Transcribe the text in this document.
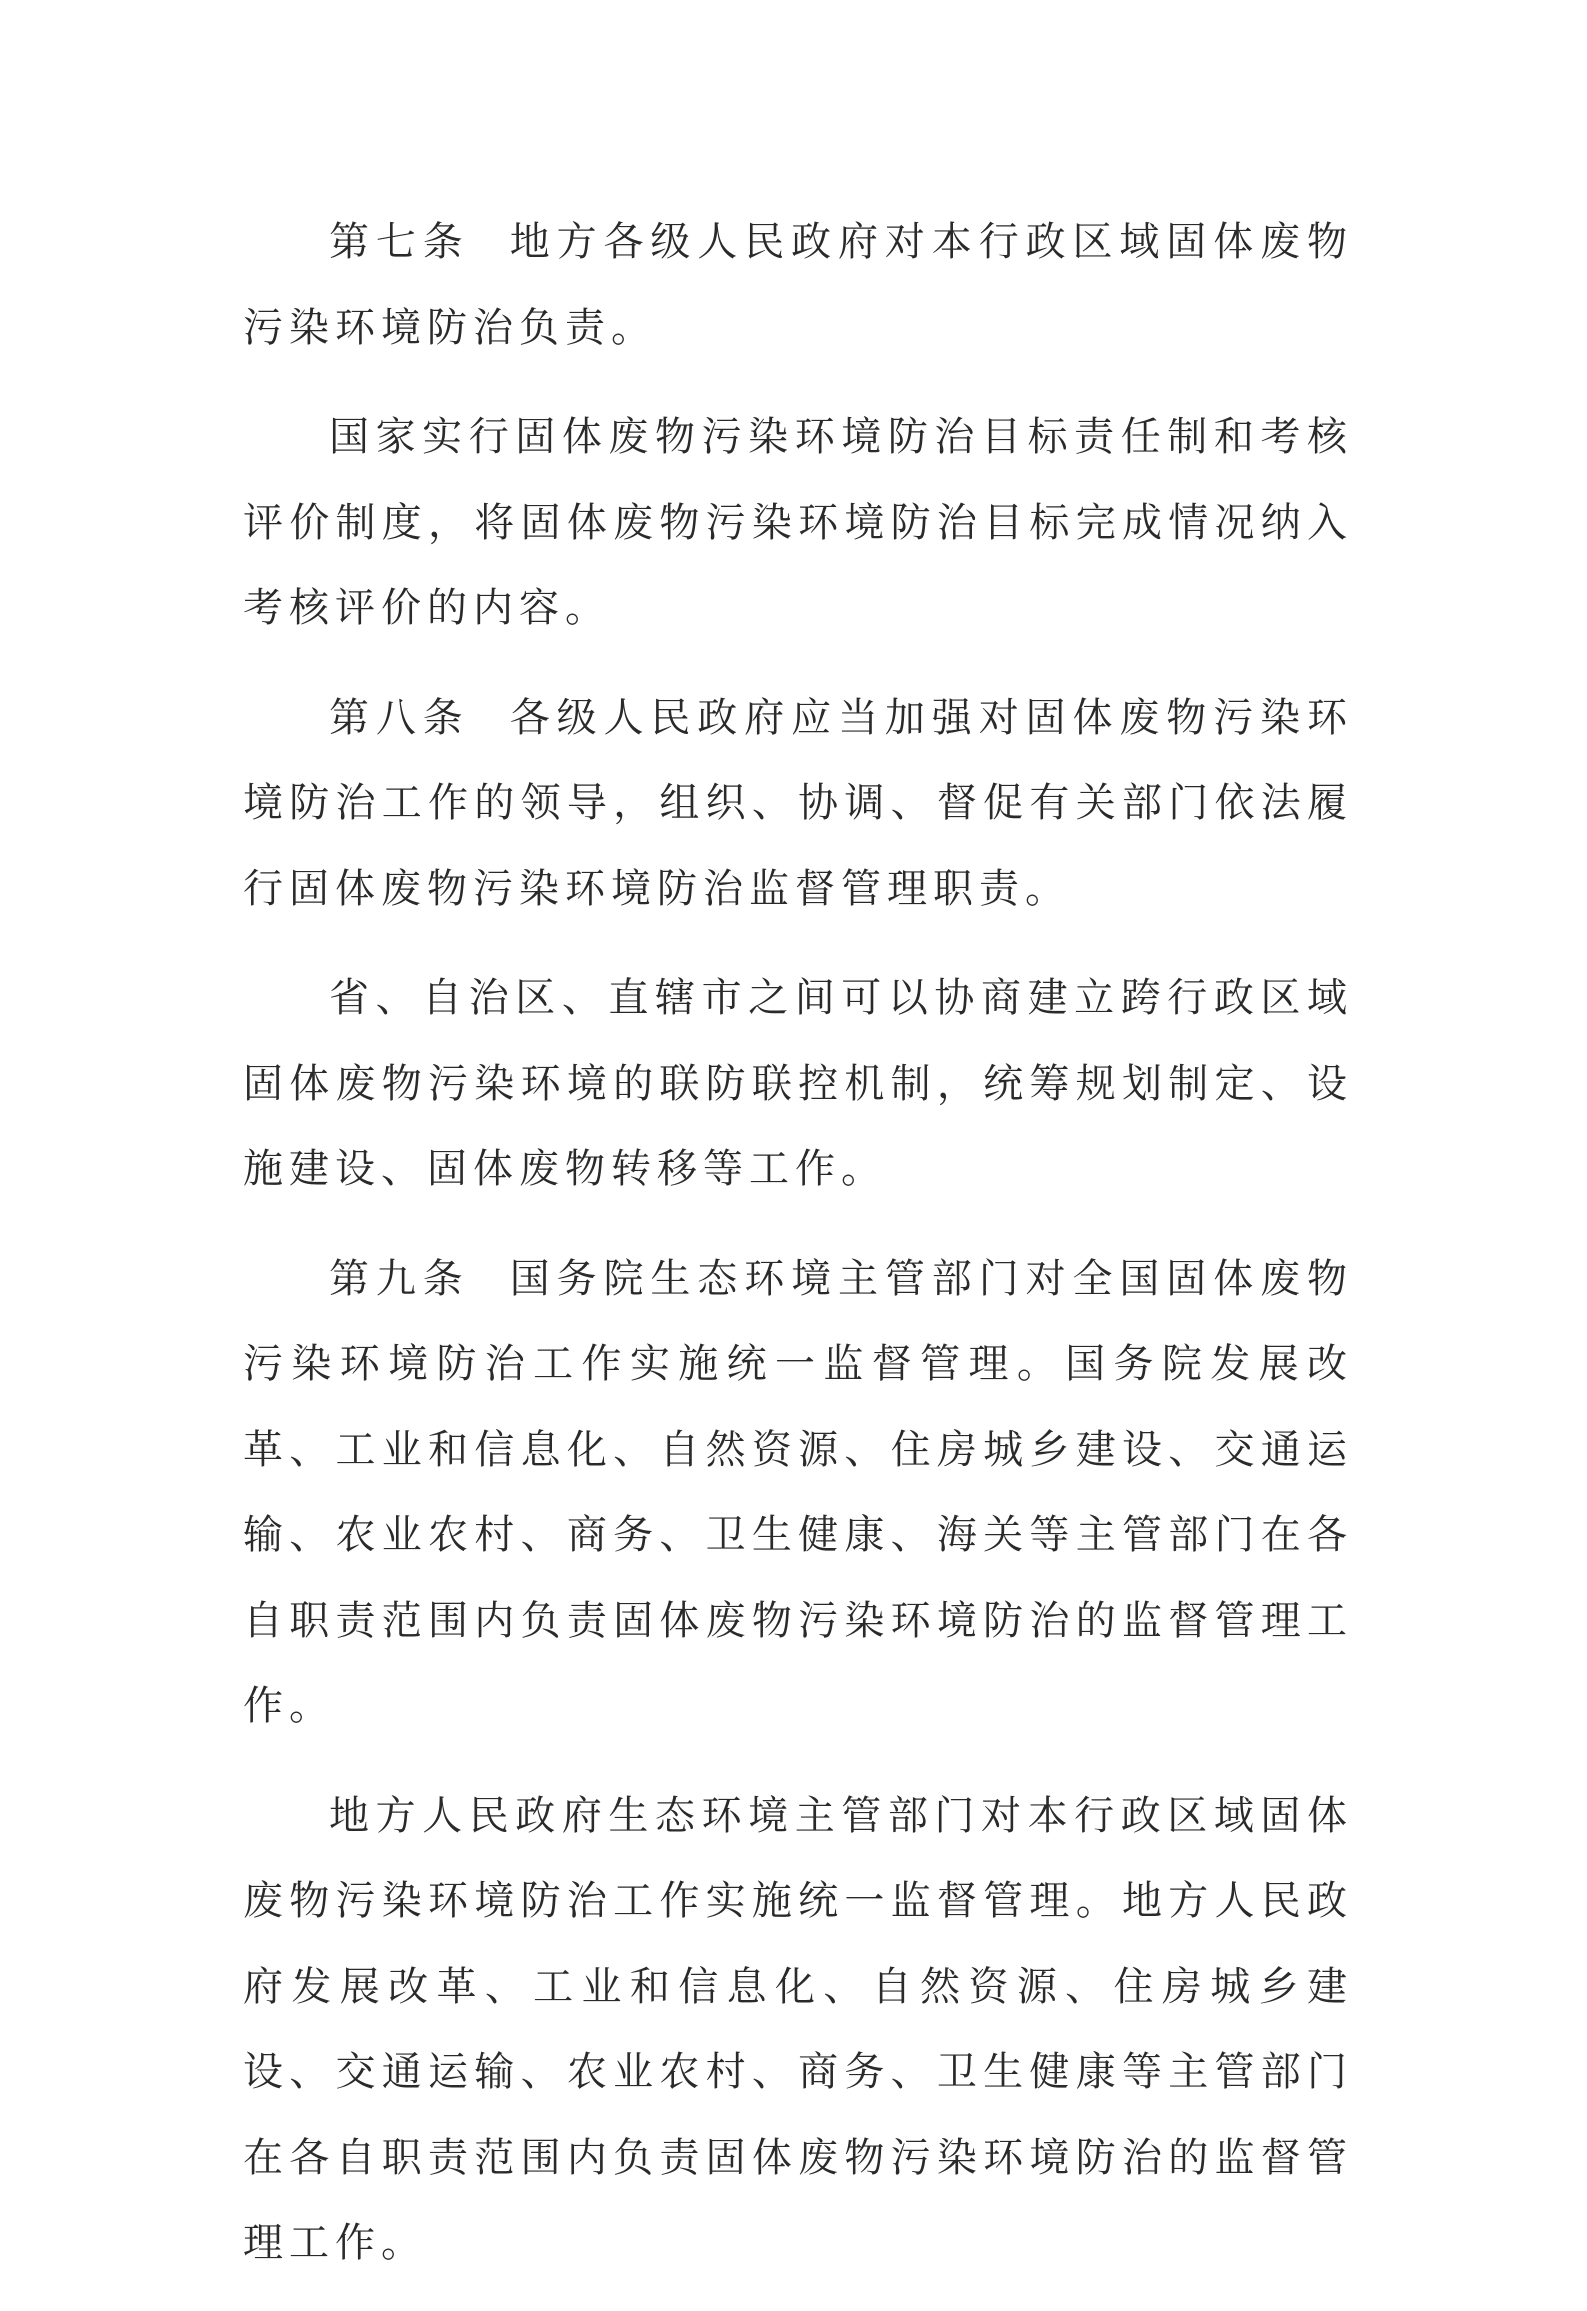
第七条 地方各级人民政府对本行政区域固体废物污染环境防治负责。

国家实行固体废物污染环境防治目标责任制和考核评价制度，将固体废物污染环境防治目标完成情况纳入考核评价的内容。

第八条 各级人民政府应当加强对固体废物污染环境防治工作的领导，组织、协调、督促有关部门依法履行固体废物污染环境防治监督管理职责。

省、自治区、直辖市之间可以协商建立跨行政区域固体废物污染环境的联防联控机制，统筹规划制定、设施建设、固体废物转移等工作。

第九条 国务院生态环境主管部门对全国固体废物污染环境防治工作实施统一监督管理。国务院发展改革、工业和信息化、自然资源、住房城乡建设、交通运输、农业农村、商务、卫生健康、海关等主管部门在各自职责范围内负责固体废物污染环境防治的监督管理工作。

地方人民政府生态环境主管部门对本行政区域固体废物污染环境防治工作实施统一监督管理。地方人民政府发展改革、工业和信息化、自然资源、住房城乡建设、交通运输、农业农村、商务、卫生健康等主管部门在各自职责范围内负责固体废物污染环境防治的监督管理工作。
